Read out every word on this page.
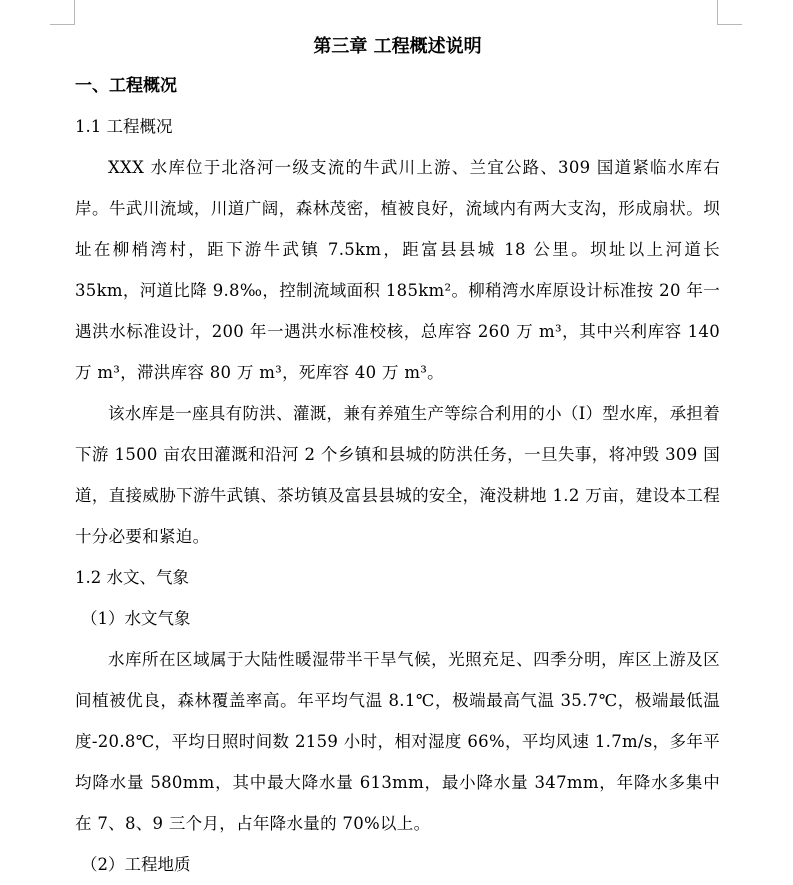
第三章 工程概述说明
一、工程概况

1.1 工程概况

XXX 水库位于北洛河一级支流的牛武川上游、兰宜公路、309 国道紧临水库右岸。牛武川流域，川道广阔，森林茂密，植被良好，流域内有两大支沟，形成扇状。坝址在柳梢湾村，距下游牛武镇 7.5km，距富县县城 18 公里。坝址以上河道长 35km，河道比降 9.8‰，控制流域面积 185km²。柳稍湾水库原设计标准按 20 年一遇洪水标准设计，200 年一遇洪水标准校核，总库容 260 万 m³，其中兴利库容 140 万 m³，滞洪库容 80 万 m³，死库容 40 万 m³。

该水库是一座具有防洪、灌溉，兼有养殖生产等综合利用的小（I）型水库，承担着下游 1500 亩农田灌溉和沿河 2 个乡镇和县城的防洪任务，一旦失事，将冲毁 309 国道，直接威胁下游牛武镇、茶坊镇及富县县城的安全，淹没耕地 1.2 万亩，建设本工程十分必要和紧迫。

1.2 水文、气象

（1）水文气象

水库所在区域属于大陆性暖湿带半干旱气候，光照充足、四季分明，库区上游及区间植被优良，森林覆盖率高。年平均气温 8.1℃，极端最高气温 35.7℃，极端最低温度-20.8℃，平均日照时间数 2159 小时，相对湿度 66%，平均风速 1.7m/s，多年平均降水量 580mm，其中最大降水量 613mm，最小降水量 347mm，年降水多集中在 7、8、9 三个月，占年降水量的 70%以上。

（2）工程地质
